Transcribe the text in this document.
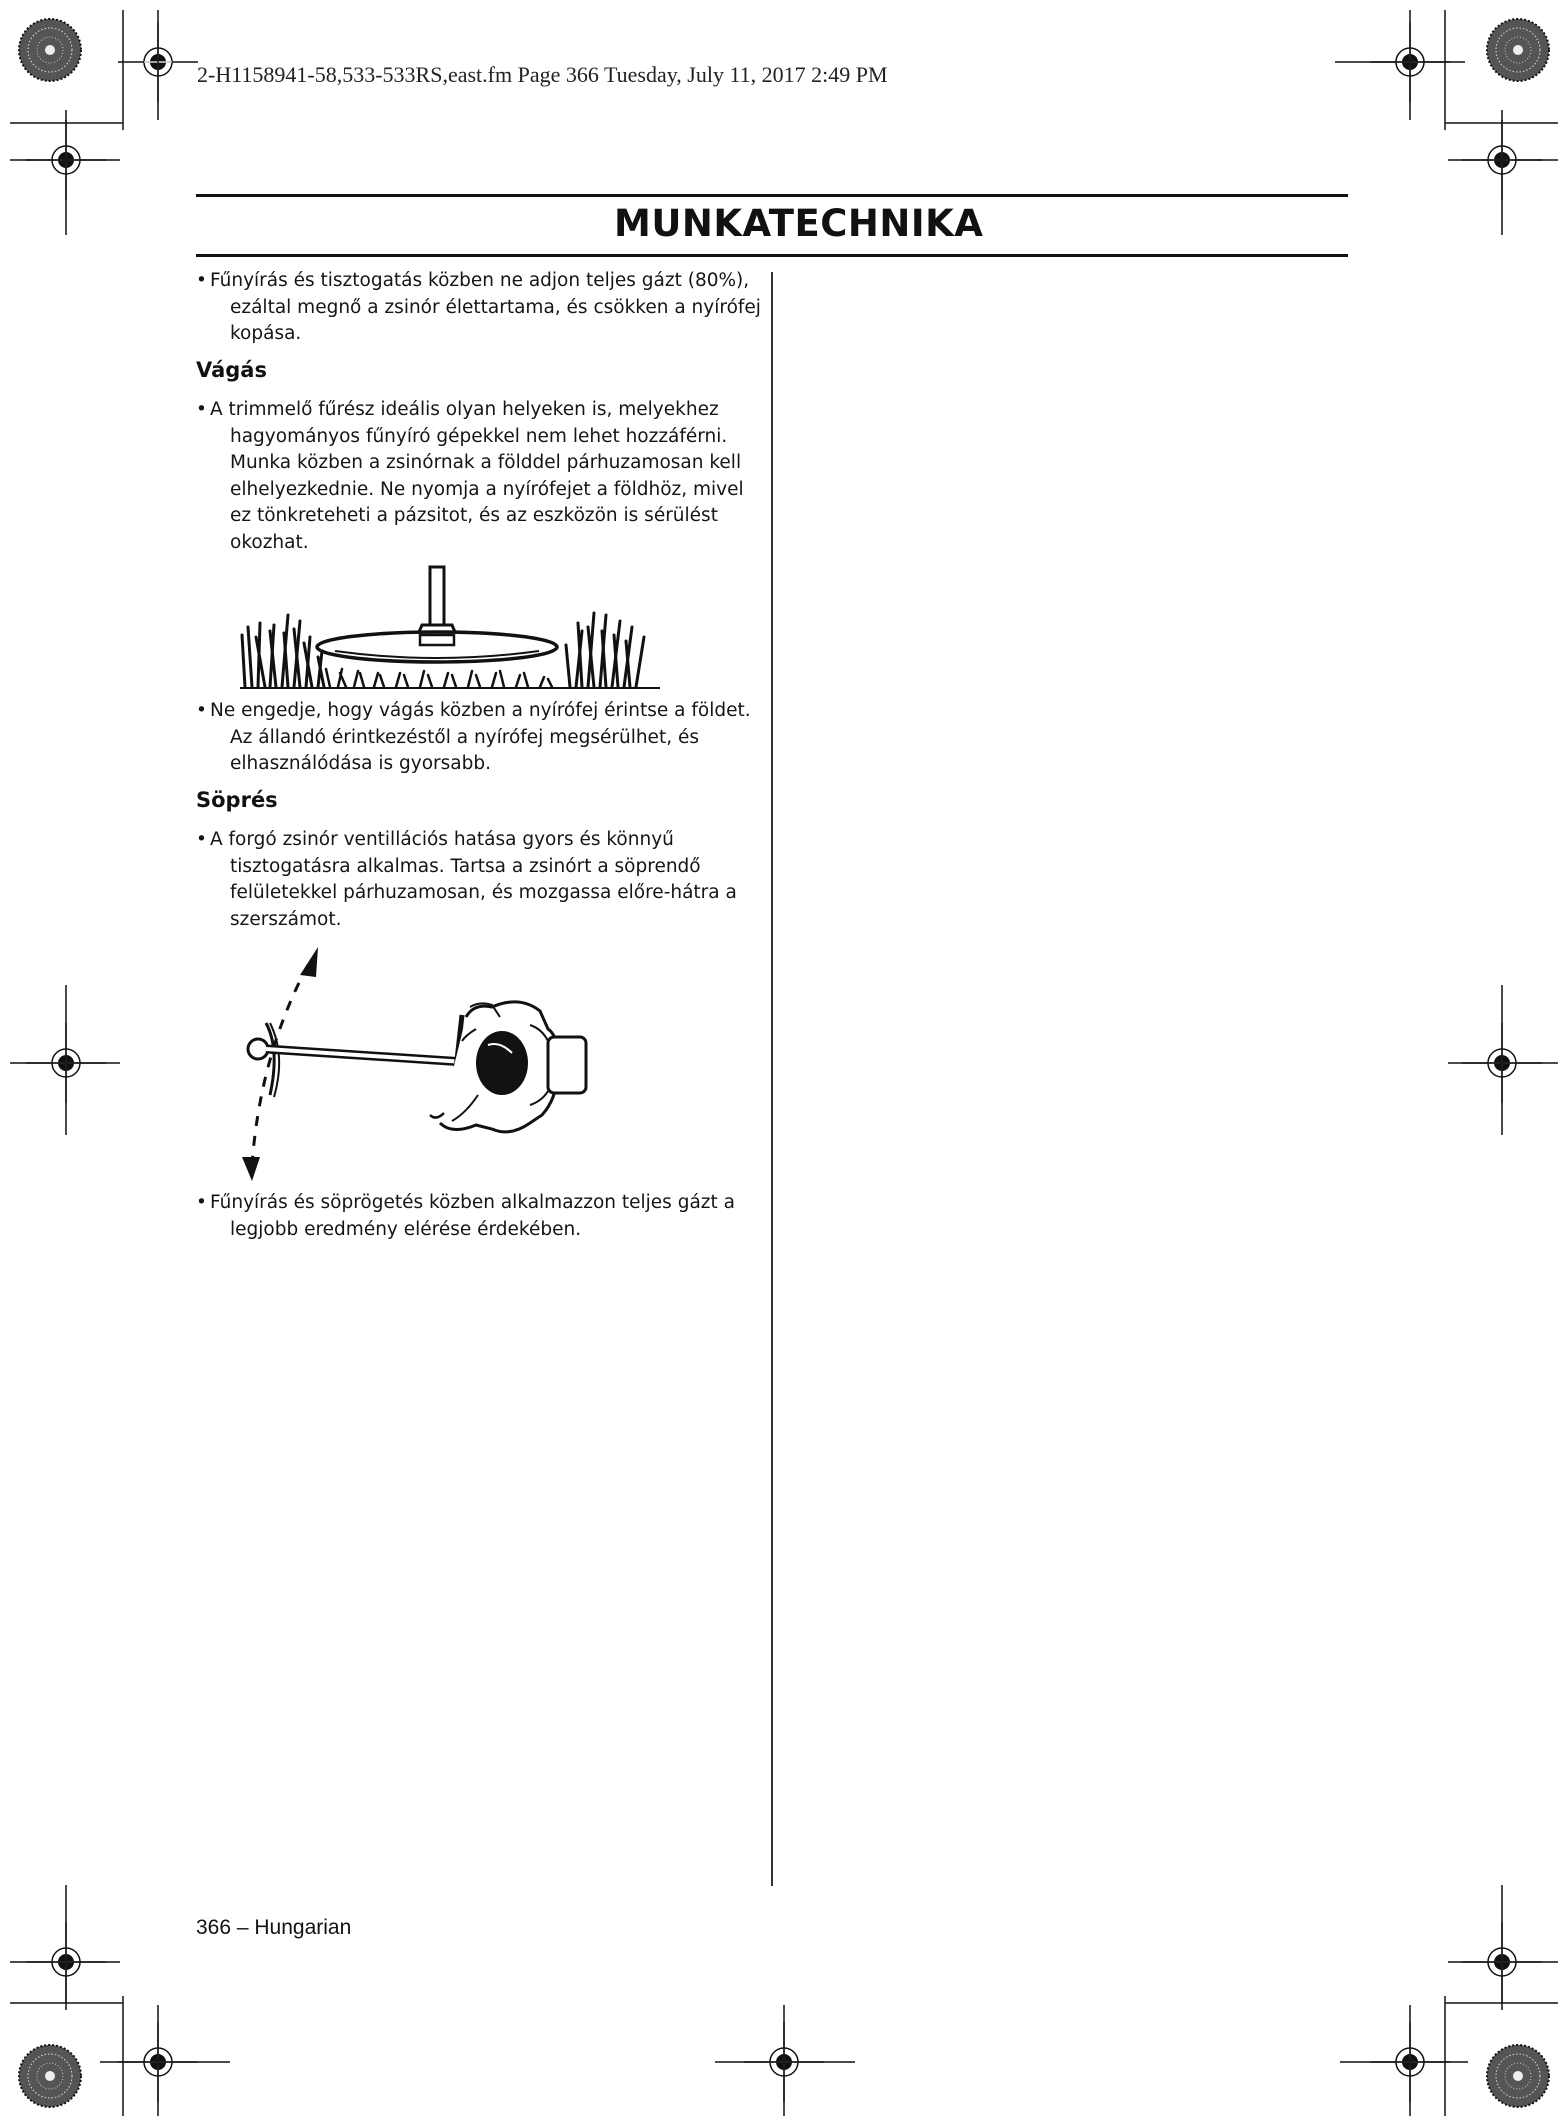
2-H1158941-58,533-533RS,east.fm Page 366 Tuesday, July 11, 2017 2:49 PM
MUNKATECHNIKA

• Fűnyírás és tisztogatás közben ne adjon teljes gázt (80%), ezáltal megnő a zsinór élettartama, és csökken a nyírófej kopása.

Vágás

• A trimmelő fűrész ideális olyan helyeken is, melyekhez hagyományos fűnyíró gépekkel nem lehet hozzáférni. Munka közben a zsinórnak a földdel párhuzamosan kell elhelyezkednie. Ne nyomja a nyírófejet a földhöz, mivel ez tönkreteheti a pázsitot, és az eszközön is sérülést okozhat.

• Ne engedje, hogy vágás közben a nyírófej érintse a földet. Az állandó érintkezéstől a nyírófej megsérülhet, és elhasználódása is gyorsabb.

Söprés

• A forgó zsinór ventillációs hatása gyors és könnyű tisztogatásra alkalmas. Tartsa a zsinórt a söprendő felületekkel párhuzamosan, és mozgassa előre-hátra a szerszámot.

• Fűnyírás és söprögetés közben alkalmazzon teljes gázt a legjobb eredmény elérése érdekében.

366 – Hungarian
